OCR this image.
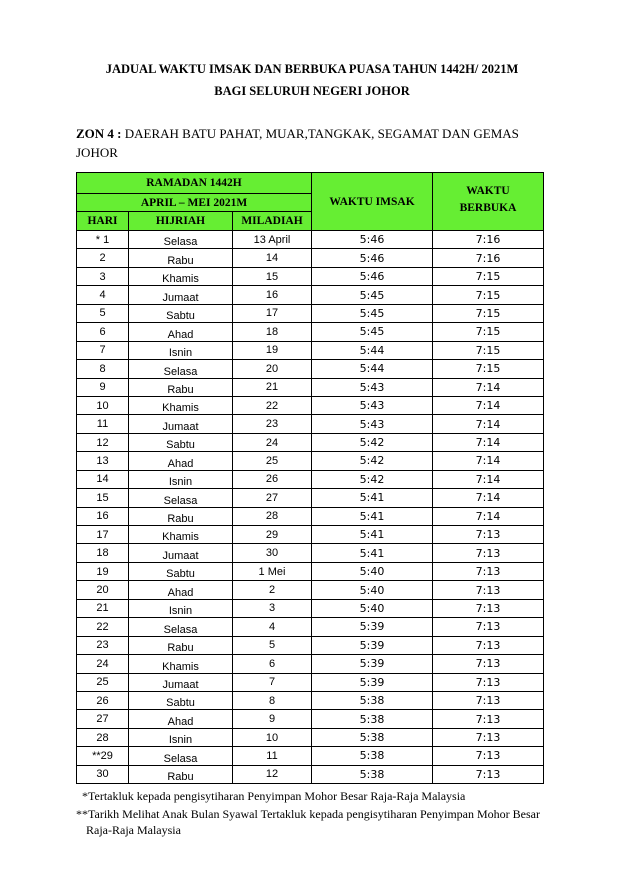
JADUAL WAKTU IMSAK DAN BERBUKA PUASA TAHUN 1442H/ 2021M
BAGI SELURUH NEGERI JOHOR
ZON 4 : DAERAH BATU PAHAT, MUAR,TANGKAK, SEGAMAT DAN GEMAS
JOHOR
RAMADAN 1442H			WAKTU IMSAK	WAKTU
BERBUKA
APRIL – MEI 2021M				
HARI	HIJRIAH	MILADIAH		
* 1	Selasa	13 April	5:46	7:16
2	Rabu	14	5:46	7:16
3	Khamis	15	5:46	7:15
4	Jumaat	16	5:45	7:15
5	Sabtu	17	5:45	7:15
6	Ahad	18	5:45	7:15
7	Isnin	19	5:44	7:15
8	Selasa	20	5:44	7:15
9	Rabu	21	5:43	7:14
10	Khamis	22	5:43	7:14
11	Jumaat	23	5:43	7:14
12	Sabtu	24	5:42	7:14
13	Ahad	25	5:42	7:14
14	Isnin	26	5:42	7:14
15	Selasa	27	5:41	7:14
16	Rabu	28	5:41	7:14
17	Khamis	29	5:41	7:13
18	Jumaat	30	5:41	7:13
19	Sabtu	1 Mei	5:40	7:13
20	Ahad	2	5:40	7:13
21	Isnin	3	5:40	7:13
22	Selasa	4	5:39	7:13
23	Rabu	5	5:39	7:13
24	Khamis	6	5:39	7:13
25	Jumaat	7	5:39	7:13
26	Sabtu	8	5:38	7:13
27	Ahad	9	5:38	7:13
28	Isnin	10	5:38	7:13
**29	Selasa	11	5:38	7:13
30	Rabu	12	5:38	7:13
*Tertakluk kepada pengisytiharan Penyimpan Mohor Besar Raja-Raja Malaysia
**Tarikh Melihat Anak Bulan Syawal Tertakluk kepada pengisytiharan Penyimpan Mohor Besar
Raja-Raja Malaysia
